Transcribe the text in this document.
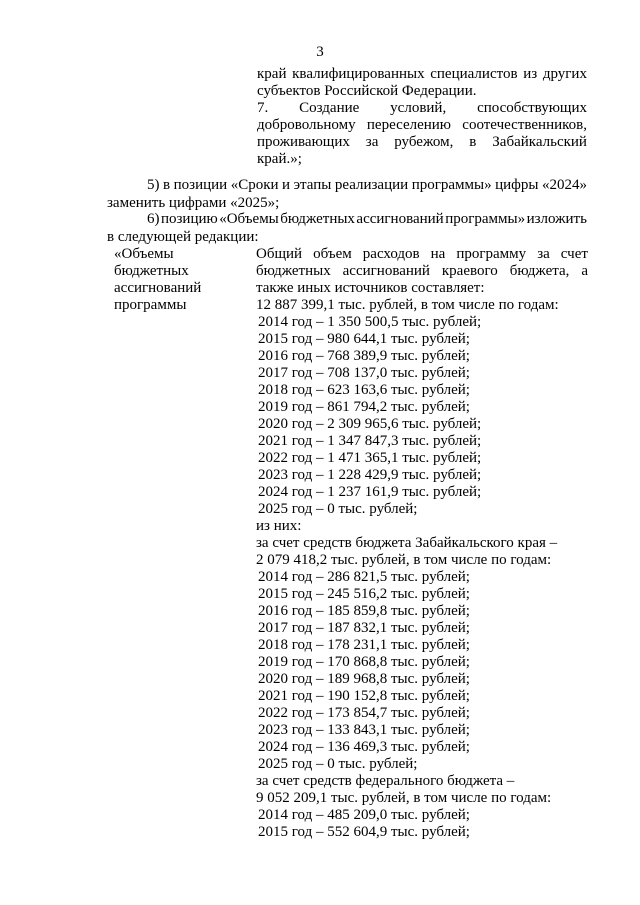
3
край квалифицированных специалистов из других
субъектов Российской Федерации.
7. Создание условий, способствующих
добровольному переселению соотечественников,
проживающих за рубежом, в Забайкальский
край.»;
5) в позиции «Сроки и этапы реализации программы» цифры «2024»
заменить цифрами «2025»;
6) позицию «Объемы бюджетных ассигнований программы» изложить
в следующей редакции:
«Объемы
бюджетных
ассигнований
программы
Общий объем расходов на программу за счет
бюджетных ассигнований краевого бюджета, а
также иных источников составляет:
12 887 399,1 тыс. рублей, в том числе по годам:
2014 год – 1 350 500,5 тыс. рублей;
2015 год – 980 644,1 тыс. рублей;
2016 год – 768 389,9 тыс. рублей;
2017 год – 708 137,0 тыс. рублей;
2018 год – 623 163,6 тыс. рублей;
2019 год – 861 794,2 тыс. рублей;
2020 год – 2 309 965,6 тыс. рублей;
2021 год – 1 347 847,3 тыс. рублей;
2022 год – 1 471 365,1 тыс. рублей;
2023 год – 1 228 429,9 тыс. рублей;
2024 год – 1 237 161,9 тыс. рублей;
2025 год – 0 тыс. рублей;
из них:
за счет средств бюджета Забайкальского края –
2 079 418,2 тыс. рублей, в том числе по годам:
2014 год – 286 821,5 тыс. рублей;
2015 год – 245 516,2 тыс. рублей;
2016 год – 185 859,8 тыс. рублей;
2017 год – 187 832,1 тыс. рублей;
2018 год – 178 231,1 тыс. рублей;
2019 год – 170 868,8 тыс. рублей;
2020 год – 189 968,8 тыс. рублей;
2021 год – 190 152,8 тыс. рублей;
2022 год – 173 854,7 тыс. рублей;
2023 год – 133 843,1 тыс. рублей;
2024 год – 136 469,3 тыс. рублей;
2025 год – 0 тыс. рублей;
за счет средств федерального бюджета –
9 052 209,1 тыс. рублей, в том числе по годам:
2014 год – 485 209,0 тыс. рублей;
2015 год – 552 604,9 тыс. рублей;
